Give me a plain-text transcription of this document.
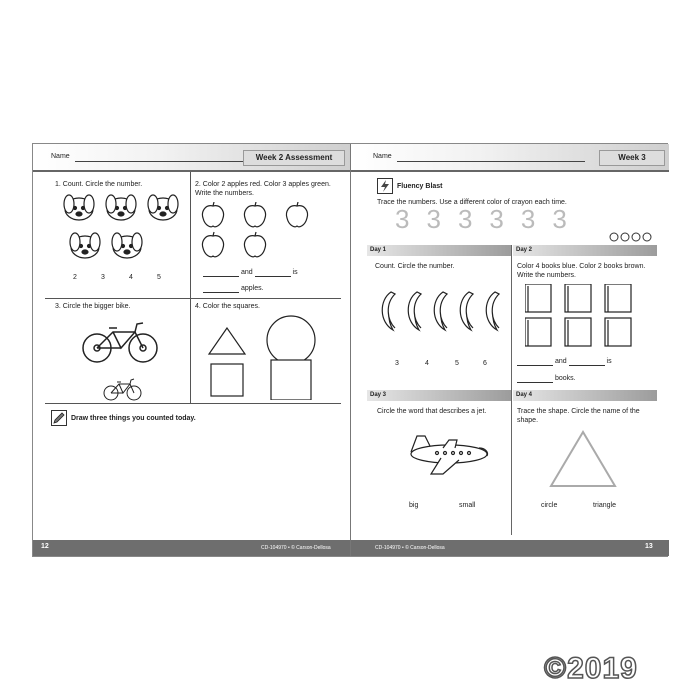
Name	Week 2 Assessment
1. Count. Circle the number.
2	3	4	5
2. Color 2 apples red. Color 3 apples green. Write the numbers.
and	is
apples.
3. Circle the bigger bike.	4. Color the squares.
Draw three things you counted today.
12	CD-104970 • © Carson-Dellosa
Name	Week 3
Fluency Blast
Trace the numbers. Use a different color of crayon each time.
333333
Day 1	Day 2
Day 3	Day 4
Count. Circle the number.
3	4	5	6
Color 4 books blue. Color 2 books brown. Write the numbers.
and	is
books.
Circle the word that describes a jet.
big	small
Trace the shape. Circle the name of the shape.
circle	triangle
CD-104970 • © Carson-Dellosa	13
©2019
